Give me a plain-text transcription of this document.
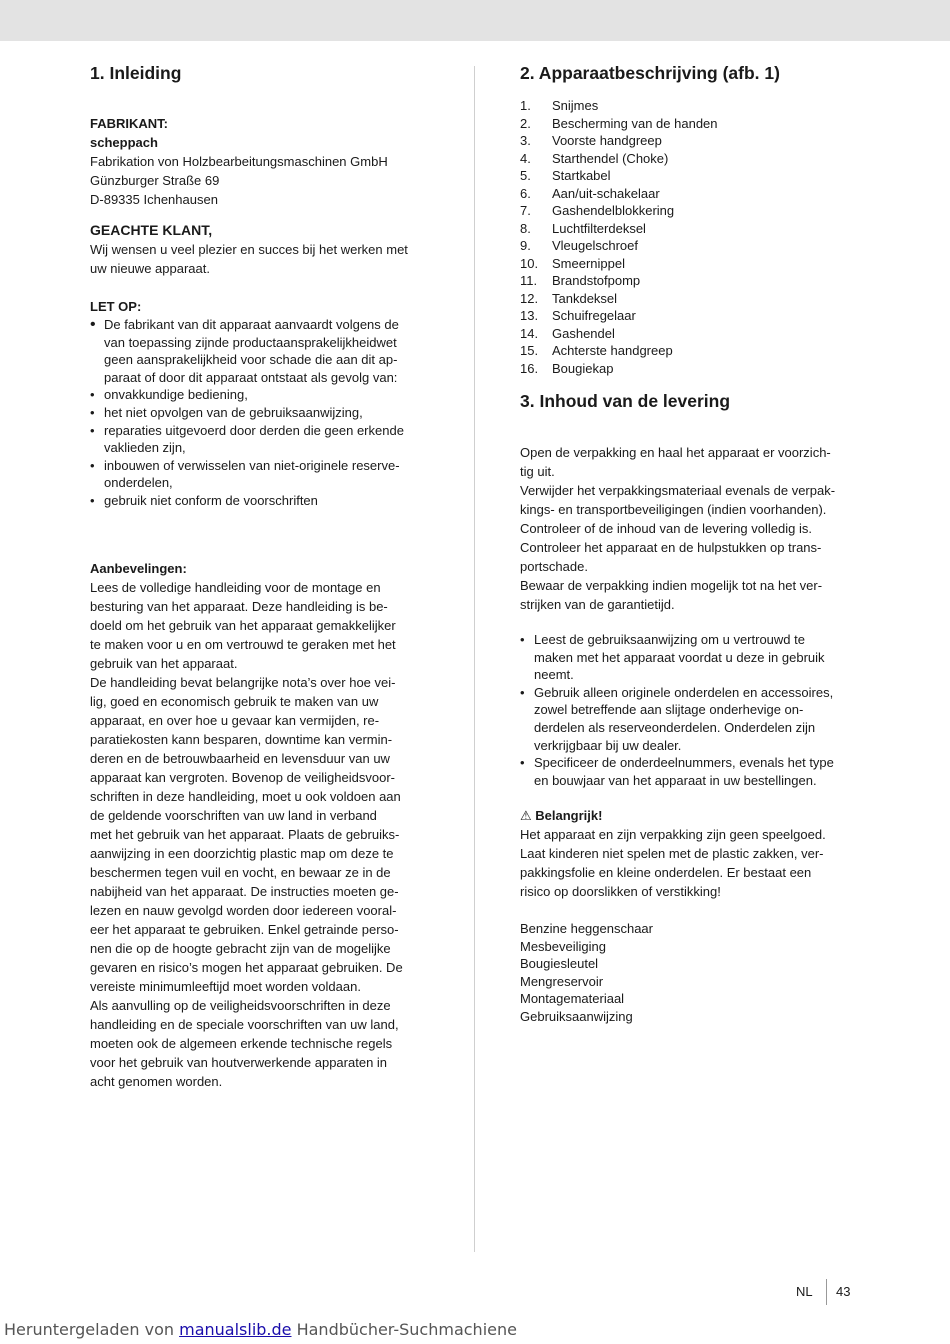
1. Inleiding

FABRIKANT:

scheppach

Fabrikation von Holzbearbeitungsmaschinen GmbH

Günzburger Straße 69

D-89335 Ichenhausen

GEACHTE KLANT,

Wij wensen u veel plezier en succes bij het werken met

uw nieuwe apparaat.

LET OP:

• De fabrikant van dit apparaat aanvaardt volgens de
van toepassing zijnde productaansprakelijkheidwet
geen aansprakelijkheid voor schade die aan dit ap-
paraat of door dit apparaat ontstaat als gevolg van:
• onvakkundige bediening,
• het niet opvolgen van de gebruiksaanwijzing,
• reparaties uitgevoerd door derden die geen erkende
vaklieden zijn,
• inbouwen of verwisselen van niet-originele reserve-
onderdelen,
• gebruik niet conform de voorschriften

Aanbevelingen:

Lees de volledige handleiding voor de montage en

besturing van het apparaat. Deze handleiding is be-

doeld om het gebruik van het apparaat gemakkelijker

te maken voor u en om vertrouwd te geraken met het

gebruik van het apparaat.

De handleiding bevat belangrijke nota’s over hoe vei-

lig, goed en economisch gebruik te maken van uw

apparaat, en over hoe u gevaar kan vermijden, re-

paratiekosten kann besparen, downtime kan vermin-

deren en de betrouwbaarheid en levensduur van uw

apparaat kan vergroten. Bovenop de veiligheidsvoor-

schriften in deze handleiding, moet u ook voldoen aan

de geldende voorschriften van uw land in verband

met het gebruik van het apparaat. Plaats de gebruiks-

aanwijzing in een doorzichtig plastic map om deze te

beschermen tegen vuil en vocht, en bewaar ze in de

nabijheid van het apparaat. De instructies moeten ge-

lezen en nauw gevolgd worden door iedereen vooral-

eer het apparaat te gebruiken. Enkel getrainde perso-

nen die op de hoogte gebracht zijn van de mogelijke

gevaren en risico’s mogen het apparaat gebruiken. De

vereiste minimumleeftijd moet worden voldaan.

Als aanvulling op de veiligheidsvoorschriften in deze

handleiding en de speciale voorschriften van uw land,

moeten ook de algemeen erkende technische regels

voor het gebruik van houtverwerkende apparaten in

acht genomen worden.

2. Apparaatbeschrijving (afb. 1)
1.	Snijmes
2.	Bescherming van de handen
3.	Voorste handgreep
4.	Starthendel (Choke)
5.	Startkabel
6.	Aan/uit-schakelaar
7.	Gashendelblokkering
8.	Luchtfilterdeksel
9.	Vleugelschroef
10.	Smeernippel
11.	Brandstofpomp
12.	Tankdeksel
13.	Schuifregelaar
14.	Gashendel
15.	Achterste handgreep
16.	Bougiekap
3. Inhoud van de levering

Open de verpakking en haal het apparaat er voorzich-

tig uit.

Verwijder het verpakkingsmateriaal evenals de verpak-

kings- en transportbeveiligingen (indien voorhanden).

Controleer of de inhoud van de levering volledig is.

Controleer het apparaat en de hulpstukken op trans-

portschade.

Bewaar de verpakking indien mogelijk tot na het ver-

strijken van de garantietijd.

• Leest de gebruiksaanwijzing om u vertrouwd te
maken met het apparaat voordat u deze in gebruik
neemt.
• Gebruik alleen originele onderdelen en accessoires,
zowel betreffende aan slijtage onderhevige on-
derdelen als reserveonderdelen. Onderdelen zijn
verkrijgbaar bij uw dealer.
• Specificeer de onderdeelnummers, evenals het type
en bouwjaar van het apparaat in uw bestellingen.

⚠ Belangrijk!

Het apparaat en zijn verpakking zijn geen speelgoed.

Laat kinderen niet spelen met de plastic zakken, ver-

pakkingsfolie en kleine onderdelen. Er bestaat een

risico op doorslikken of verstikking!

Benzine heggenschaar

Mesbeveiliging

Bougiesleutel

Mengreservoir

Montagemateriaal

Gebruiksaanwijzing

NL 43
Heruntergeladen von manualslib.de Handbücher-Suchmachiene
